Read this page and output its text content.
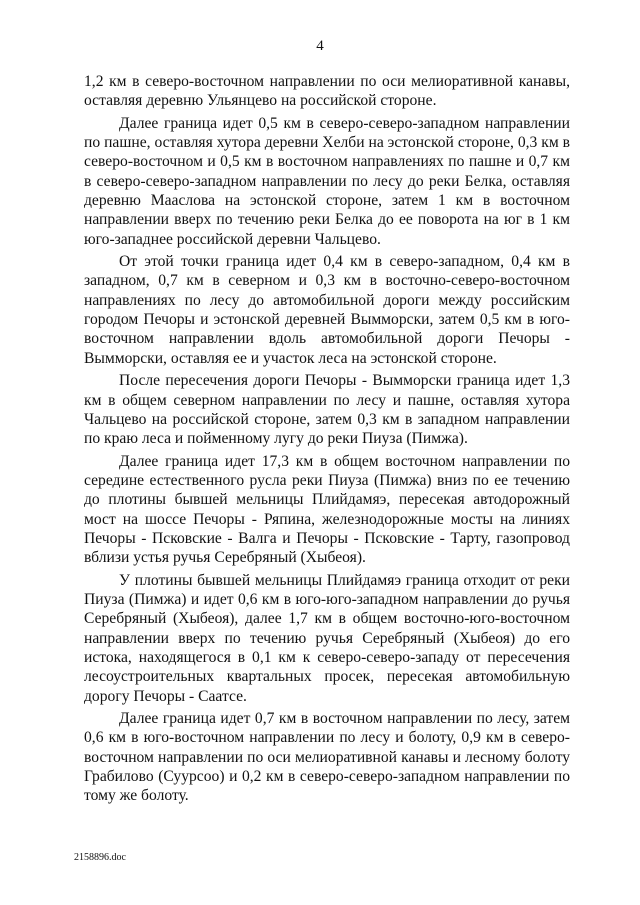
4

1,2 км в северо-восточном направлении по оси мелиоративной канавы, оставляя деревню Ульянцево на российской стороне.

Далее граница идет 0,5 км в северо-северо-западном направлении по пашне, оставляя хутора деревни Хелби на эстонской стороне, 0,3 км в северо-восточном и 0,5 км в восточном направлениях по пашне и 0,7 км в северо-северо-западном направлении по лесу до реки Белка, оставляя деревню Мааслова на эстонской стороне, затем 1 км в восточном направлении вверх по течению реки Белка до ее поворота на юг в 1 км юго-западнее российской деревни Чальцево.

От этой точки граница идет 0,4 км в северо-западном, 0,4 км в западном, 0,7 км в северном и 0,3 км в восточно-северо-восточном направлениях по лесу до автомобильной дороги между российским городом Печоры и эстонской деревней Вымморски, затем 0,5 км в юго-восточном направлении вдоль автомобильной дороги Печоры - Вымморски, оставляя ее и участок леса на эстонской стороне.

После пересечения дороги Печоры - Вымморски граница идет 1,3 км в общем северном направлении по лесу и пашне, оставляя хутора Чальцево на российской стороне, затем 0,3 км в западном направлении по краю леса и пойменному лугу до реки Пиуза (Пимжа).

Далее граница идет 17,3 км в общем восточном направлении по середине естественного русла реки Пиуза (Пимжа) вниз по ее течению до плотины бывшей мельницы Плийдамяэ, пересекая автодорожный мост на шоссе Печоры - Ряпина, железнодорожные мосты на линиях Печоры - Псковские - Валга и Печоры - Псковские - Тарту, газопровод вблизи устья ручья Серебряный (Хыбеоя).

У плотины бывшей мельницы Плийдамяэ граница отходит от реки Пиуза (Пимжа) и идет 0,6 км в юго-юго-западном направлении до ручья Серебряный (Хыбеоя), далее 1,7 км в общем восточно-юго-восточном направлении вверх по течению ручья Серебряный (Хыбеоя) до его истока, находящегося в 0,1 км к северо-северо-западу от пересечения лесоустроительных квартальных просек, пересекая автомобильную дорогу Печоры - Саатсе.

Далее граница идет 0,7 км в восточном направлении по лесу, затем 0,6 км в юго-восточном направлении по лесу и болоту, 0,9 км в северо-восточном направлении по оси мелиоративной канавы и лесному болоту Грабилово (Суурсоо) и 0,2 км в северо-северо-западном направлении по тому же болоту.

2158896.doc
